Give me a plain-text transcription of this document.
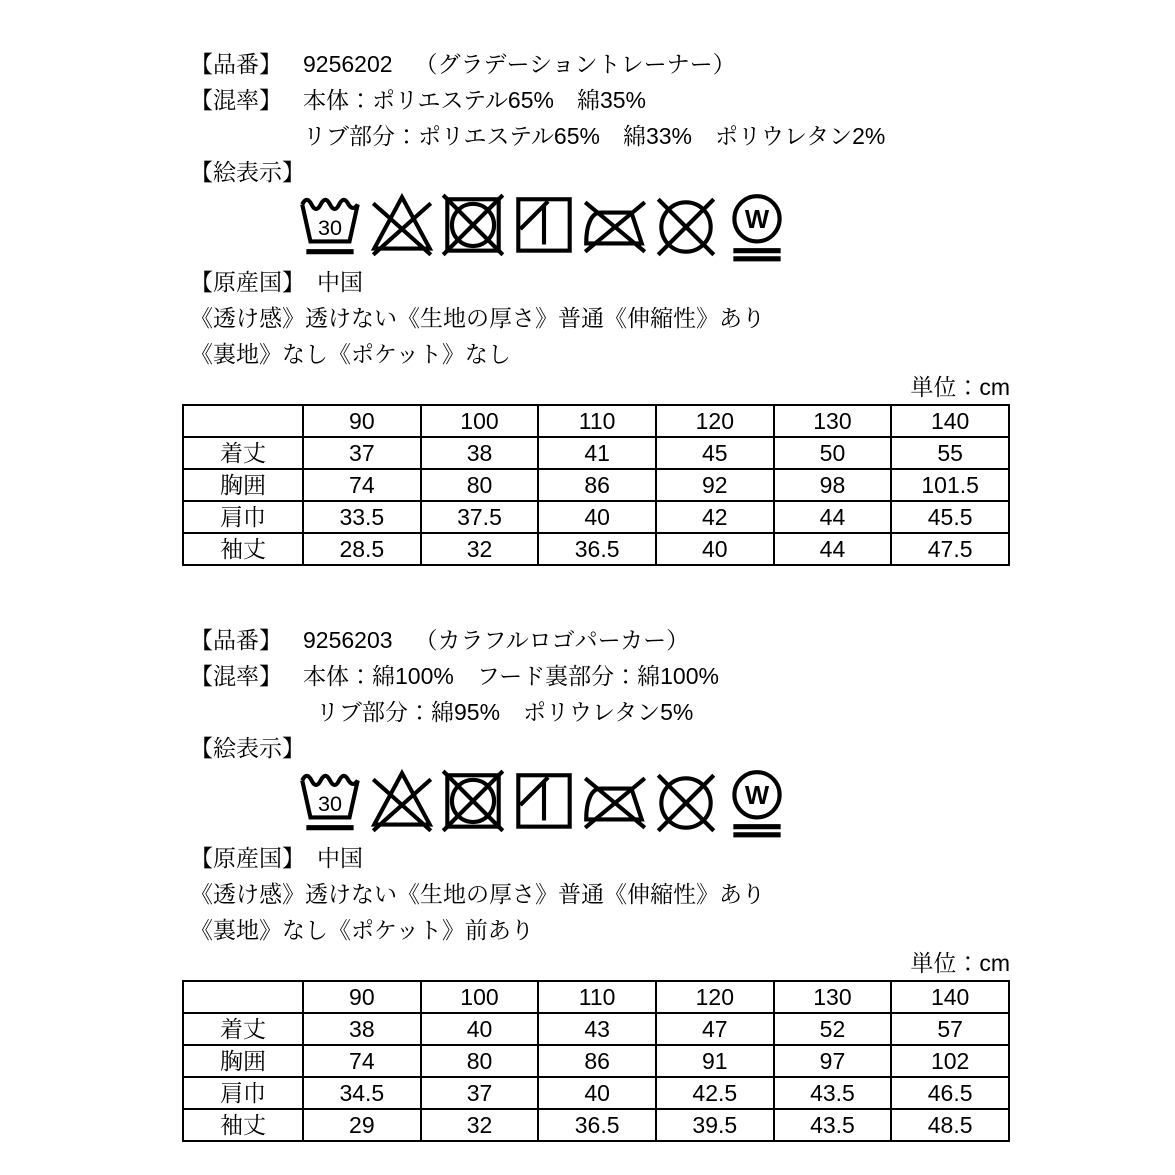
【品番】 9256202 （グラデーショントレーナー）
【混率】 本体：ポリエステル65%　綿35%
リブ部分：ポリエステル65%　綿33%　ポリウレタン2%
【絵表示】
【原産国】 中国
《透け感》透けない《生地の厚さ》普通《伸縮性》あり
《裏地》なし《ポケット》なし
単位：cm
	90	100	110	120	130	140
着丈	37	38	41	45	50	55
胸囲	74	80	86	92	98	101.5
肩巾	33.5	37.5	40	42	44	45.5
袖丈	28.5	32	36.5	40	44	47.5
【品番】 9256203 （カラフルロゴパーカー）
【混率】 本体：綿100%　フード裏部分：綿100%
リブ部分：綿95%　ポリウレタン5%
【絵表示】
【原産国】 中国
《透け感》透けない《生地の厚さ》普通《伸縮性》あり
《裏地》なし《ポケット》前あり
単位：cm
	90	100	110	120	130	140
着丈	38	40	43	47	52	57
胸囲	74	80	86	91	97	102
肩巾	34.5	37	40	42.5	43.5	46.5
袖丈	29	32	36.5	39.5	43.5	48.5
